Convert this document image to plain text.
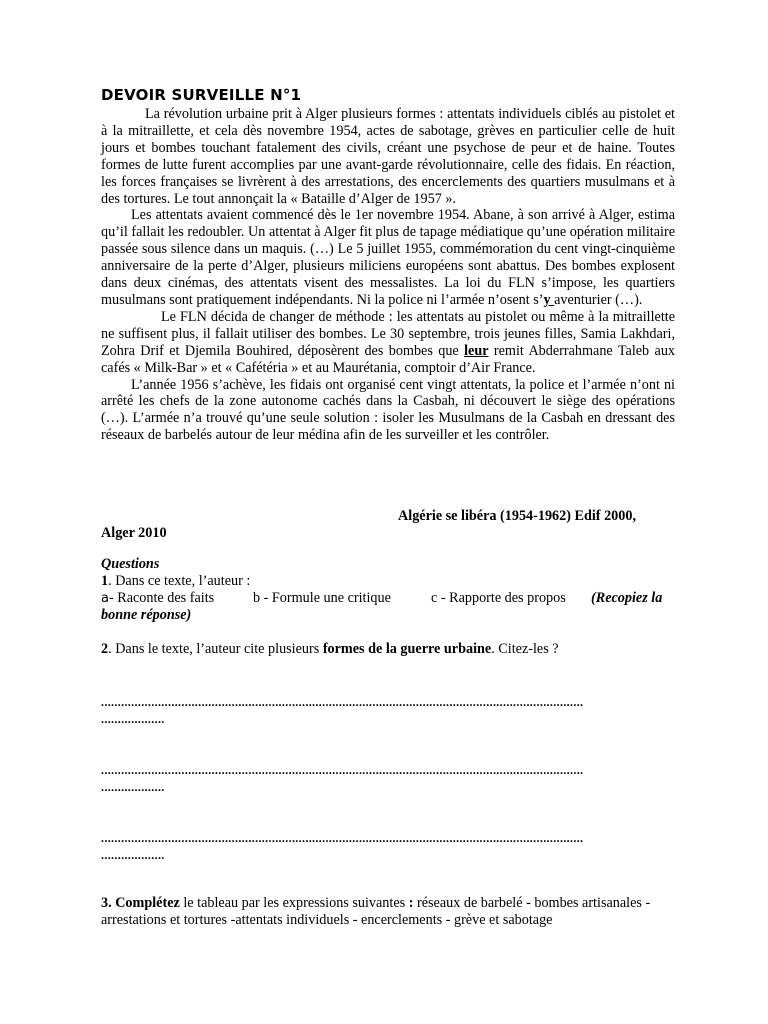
DEVOIR SURVEILLE N°1

La révolution urbaine prit à Alger plusieurs formes : attentats individuels ciblés au pistolet et à la mitraillette, et cela dès novembre 1954, actes de sabotage, grèves en particulier celle de huit jours et bombes touchant fatalement des civils, créant une psychose de peur et de haine. Toutes formes de lutte furent accomplies par une avant-garde révolutionnaire, celle des fidais. En réaction, les forces françaises se livrèrent à des arrestations, des encerclements des quartiers musulmans et à des tortures. Le tout annonçait la « Bataille d’Alger de 1957 ».

Les attentats avaient commencé dès le 1er novembre 1954. Abane, à son arrivé à Alger, estima qu’il fallait les redoubler. Un attentat à Alger fit plus de tapage médiatique qu’une opération militaire passée sous silence dans un maquis. (…) Le 5 juillet 1955, commémoration du cent vingt-cinquième anniversaire de la perte d’Alger, plusieurs miliciens européens sont abattus. Des bombes explosent dans deux cinémas, des attentats visent des messalistes. La loi du FLN s’impose, les quartiers musulmans sont pratiquement indépendants. Ni la police ni l’armée n’osent s’y aventurier (…).

Le FLN décida de changer de méthode : les attentats au pistolet ou même à la mitraillette ne suffisent plus, il fallait utiliser des bombes. Le 30 septembre, trois jeunes filles, Samia Lakhdari, Zohra Drif et Djemila Bouhired, déposèrent des bombes que leur remit Abderrahmane Taleb aux cafés « Milk-Bar » et « Cafétéria » et au Maurétania, comptoir d’Air France.

L’année 1956 s’achève, les fidais ont organisé cent vingt attentats, la police et l’armée n’ont ni arrêté les chefs de la zone autonome cachés dans la Casbah, ni découvert le siège des opérations (…). L’armée n’a trouvé qu’une seule solution : isoler les Musulmans de la Casbah en dressant des réseaux de barbelés autour de leur médina afin de les surveiller et les contrôler.

Algérie se libéra (1954-1962) Edif 2000,
Alger 2010
Questions
1. Dans ce texte, l’auteur :
a- Raconte des faits	b - Formule une critique	c - Rapporte des propos (Recopiez la
bonne réponse)
2. Dans le texte, l’auteur cite plusieurs formes de la guerre urbaine. Citez-les ?
................................................................................................................................................
...................
................................................................................................................................................
...................
................................................................................................................................................
...................
3. Complétez le tableau par les expressions suivantes : réseaux de barbelé - bombes artisanales -arrestations et tortures -attentats individuels - encerclements - grève et sabotage
